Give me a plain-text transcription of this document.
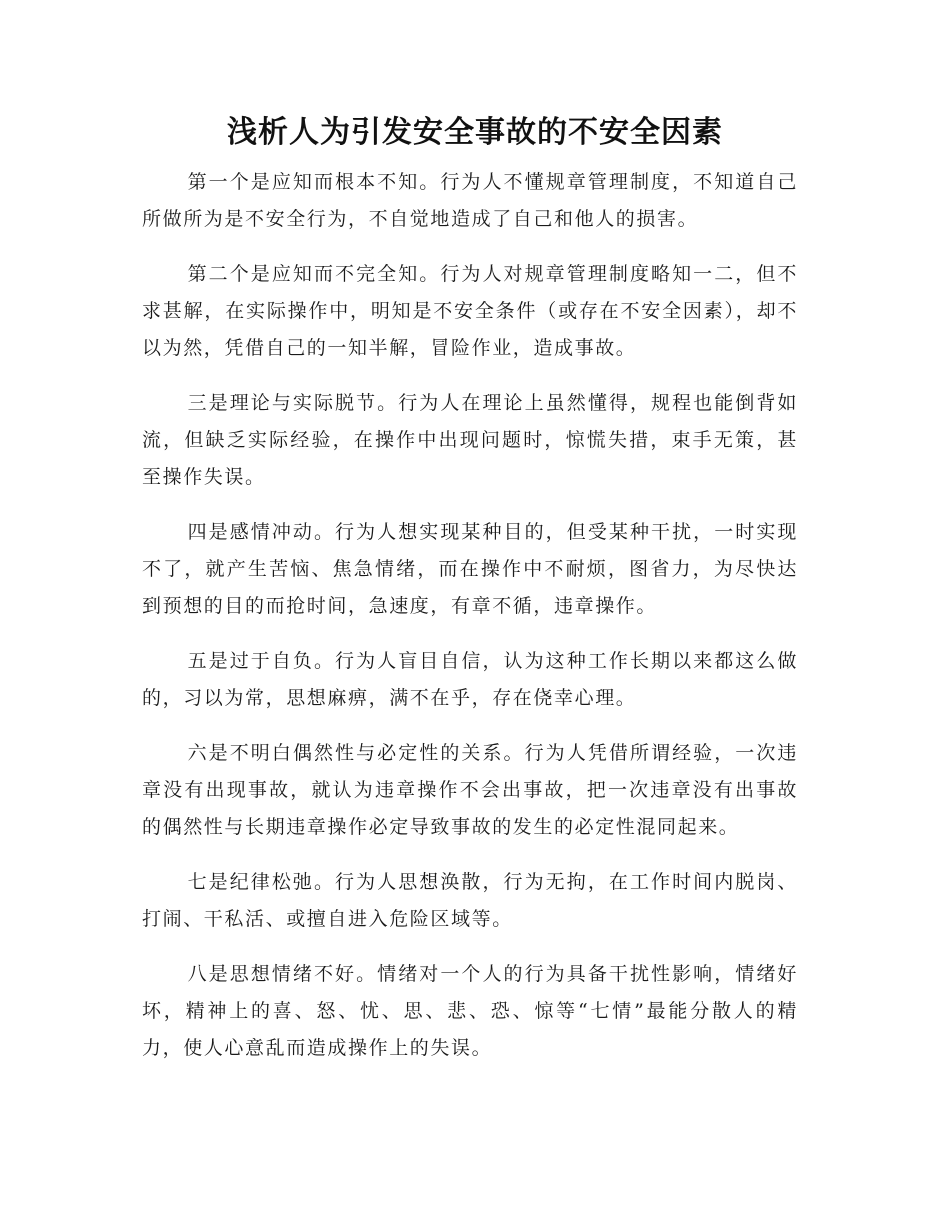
浅析人为引发安全事故的不安全因素

第一个是应知而根本不知。行为人不懂规章管理制度，不知道自己所做所为是不安全行为，不自觉地造成了自己和他人的损害。

第二个是应知而不完全知。行为人对规章管理制度略知一二，但不求甚解，在实际操作中，明知是不安全条件（或存在不安全因素），却不以为然，凭借自己的一知半解，冒险作业，造成事故。

三是理论与实际脱节。行为人在理论上虽然懂得，规程也能倒背如流，但缺乏实际经验，在操作中出现问题时，惊慌失措，束手无策，甚至操作失误。

四是感情冲动。行为人想实现某种目的，但受某种干扰，一时实现不了，就产生苦恼、焦急情绪，而在操作中不耐烦，图省力，为尽快达到预想的目的而抢时间，急速度，有章不循，违章操作。

五是过于自负。行为人盲目自信，认为这种工作长期以来都这么做的，习以为常，思想麻痹，满不在乎，存在侥幸心理。

六是不明白偶然性与必定性的关系。行为人凭借所谓经验，一次违章没有出现事故，就认为违章操作不会出事故，把一次违章没有出事故的偶然性与长期违章操作必定导致事故的发生的必定性混同起来。

七是纪律松弛。行为人思想涣散，行为无拘，在工作时间内脱岗、打闹、干私活、或擅自进入危险区域等。

八是思想情绪不好。情绪对一个人的行为具备干扰性影响，情绪好坏，精神上的喜、怒、忧、思、悲、恐、惊等“七情”最能分散人的精力，使人心意乱而造成操作上的失误。
